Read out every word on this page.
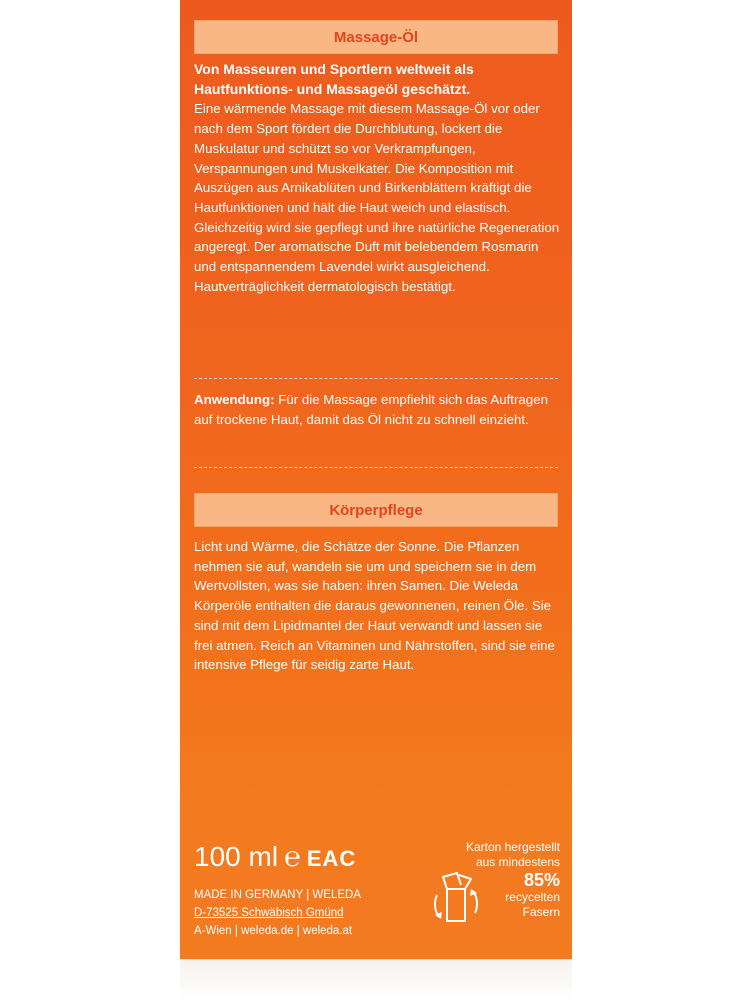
Massage-Öl
Von Masseuren und Sportlern weltweit als Hautfunktions- und Massageöl geschätzt.
Eine wärmende Massage mit diesem Massage-Öl vor oder nach dem Sport fördert die Durchblutung, lockert die Muskulatur und schützt so vor Verkrampfungen, Verspannungen und Muskelkater. Die Komposition mit Auszügen aus Arnikablüten und Birkenblättern kräftigt die Hautfunktionen und hält die Haut weich und elastisch. Gleichzeitig wird sie gepflegt und ihre natürliche Regeneration angeregt. Der aromatische Duft mit belebendem Rosmarin und entspannendem Lavendel wirkt ausgleichend.
Hautverträglichkeit dermatologisch bestätigt.
Anwendung: Für die Massage empfiehlt sich das Auftragen auf trockene Haut, damit das Öl nicht zu schnell einzieht.
Körperpflege
Licht und Wärme, die Schätze der Sonne. Die Pflanzen nehmen sie auf, wandeln sie um und speichern sie in dem Wertvollsten, was sie haben: ihren Samen. Die Weleda Körperöle enthalten die daraus gewonnenen, reinen Öle. Sie sind mit dem Lipidmantel der Haut verwandt und lassen sie frei atmen. Reich an Vitaminen und Nährstoffen, sind sie eine intensive Pflege für seidig zarte Haut.
100 ml ℮ EAC
MADE IN GERMANY | WELEDA
D-73525 Schwäbisch Gmünd
A-Wien | weleda.de | weleda.at
Karton hergestellt
aus mindestens
85%
recycelten
Fasern
